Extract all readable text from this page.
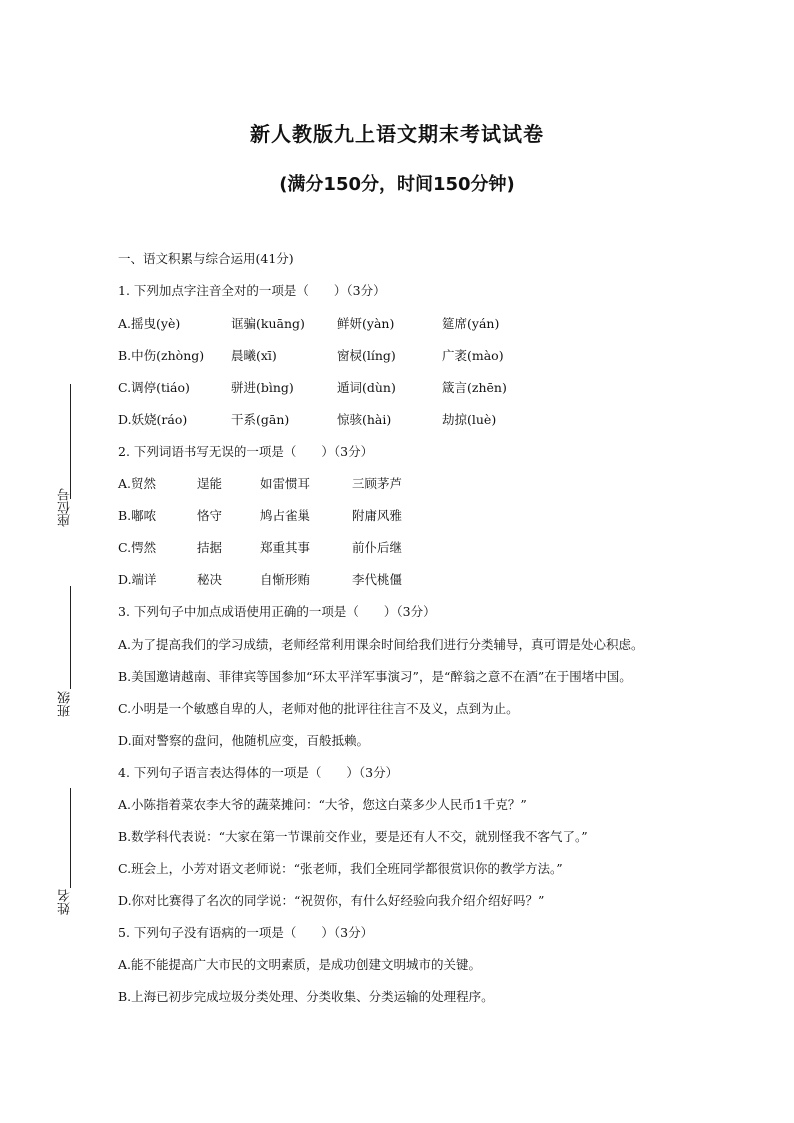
新人教版九上语文期末考试试卷
(满分150分，时间150分钟)
座位号
班级
姓名
一、语文积累与综合运用(41分)
1. 下列加点字注音全对的一项是（　　）（3分）
A.摇曳(yè)	诓骗(kuāng)	鲜妍(yàn)	筵席(yán)
B.中伤(zhòng) 晨曦(xī)	窗棂(líng)	广袤(mào)
C.调停(tiáo)	骈进(bìng)	遁词(dùn)	箴言(zhēn)
D.妖娆(ráo)	干系(gān)	惊骇(hài)	劫掠(luè)
2. 下列词语书写无误的一项是（　　）（3分）
A.贸然	逞能	如雷惯耳	三顾茅芦
B.嘟哝	恪守	鸠占雀巢	附庸风雅
C.愕然	拮据	郑重其事	前仆后继
D.端详	秘决	自惭形贿	李代桃僵
3. 下列句子中加点成语使用正确的一项是（　　）（3分）
A.为了提高我们的学习成绩，老师经常利用课余时间给我们进行分类辅导，真可谓是处心积虑。
B.美国邀请越南、菲律宾等国参加“环太平洋军事演习”，是“醉翁之意不在酒”在于围堵中国。
C.小明是一个敏感自卑的人，老师对他的批评往往言不及义，点到为止。
D.面对警察的盘问，他随机应变，百般抵赖。
4. 下列句子语言表达得体的一项是（　　）（3分）
A.小陈指着菜农李大爷的蔬菜摊问：“大爷，您这白菜多少人民币1千克？”
B.数学科代表说：“大家在第一节课前交作业，要是还有人不交，就别怪我不客气了。”
C.班会上，小芳对语文老师说：“张老师，我们全班同学都很赏识你的教学方法。”
D.你对比赛得了名次的同学说：“祝贺你，有什么好经验向我介绍介绍好吗？”
5. 下列句子没有语病的一项是（　　）（3分）
A.能不能提高广大市民的文明素质，是成功创建文明城市的关键。
B.上海已初步完成垃圾分类处理、分类收集、分类运输的处理程序。
